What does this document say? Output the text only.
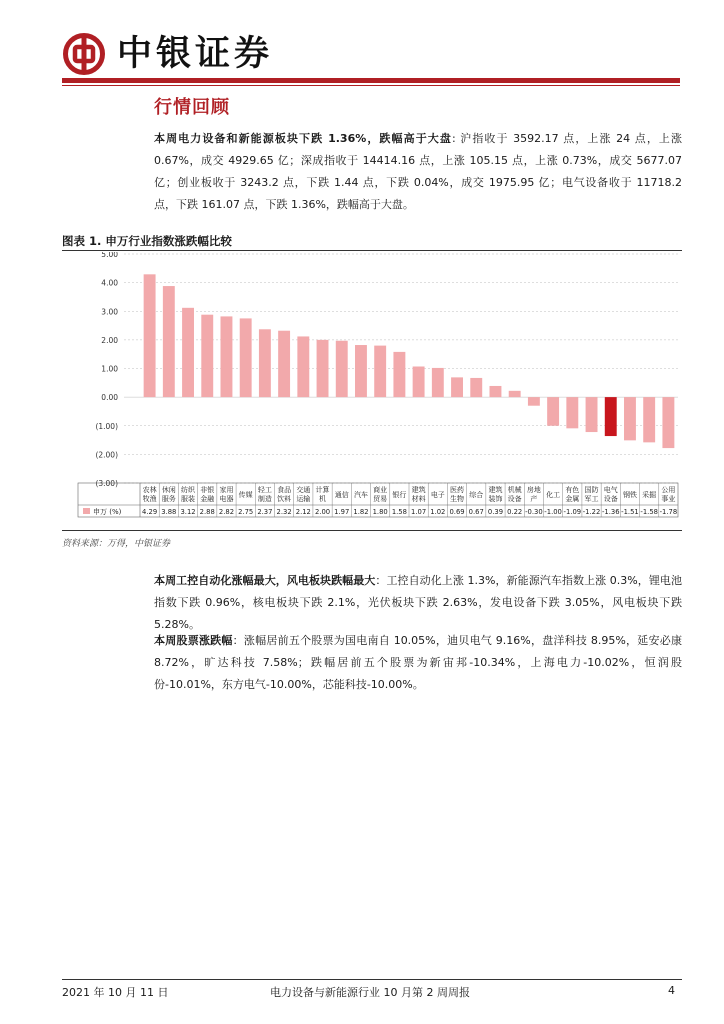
中银证券
行情回顾
本周电力设备和新能源板块下跌 1.36%，跌幅高于大盘: 沪指收于 3592.17 点，上涨 24 点，上涨 0.67%，成交 4929.65 亿；深成指收于 14414.16 点，上涨 105.15 点，上涨 0.73%，成交 5677.07 亿；创业板收于 3243.2 点，下跌 1.44 点，下跌 0.04%，成交 1975.95 亿；电气设备收于 11718.2 点，下跌 161.07 点，下跌 1.36%，跌幅高于大盘。
图表 1. 申万行业指数涨跌幅比较
5.00
4.00
3.00
2.00
1.00
0.00
(1.00)
(2.00)
(3.00)
申万 (%)
农林
牧渔
4.29
休闲
服务
3.88
纺织
服装
3.12
非银
金融
2.88
家用
电器
2.82
传媒
2.75
轻工
制造
2.37
食品
饮料
2.32
交通
运输
2.12
计算
机
2.00
通信
1.97
汽车
1.82
商业
贸易
1.80
银行
1.58
建筑
材料
1.07
电子
1.02
医药
生物
0.69
综合
0.67
建筑
装饰
0.39
机械
设备
0.22
房地
产
-0.30
化工
-1.00
有色
金属
-1.09
国防
军工
-1.22
电气
设备
-1.36
钢铁
-1.51
采掘
-1.58
公用
事业
-1.78
资料来源：万得，中银证券
本周工控自动化涨幅最大，风电板块跌幅最大：工控自动化上涨 1.3%，新能源汽车指数上涨 0.3%，锂电池指数下跌 0.96%，核电板块下跌 2.1%，光伏板块下跌 2.63%，发电设备下跌 3.05%，风电板块下跌 5.28%。
本周股票涨跌幅：涨幅居前五个股票为国电南自 10.05%，迪贝电气 9.16%，盘洋科技 8.95%，延安必康 8.72%，旷达科技 7.58%；跌幅居前五个股票为新宙邦-10.34%，上海电力-10.02%，恒润股份-10.01%，东方电气-10.00%，芯能科技-10.00%。
2021 年 10 月 11 日	电力设备与新能源行业 10 月第 2 周周报	4
